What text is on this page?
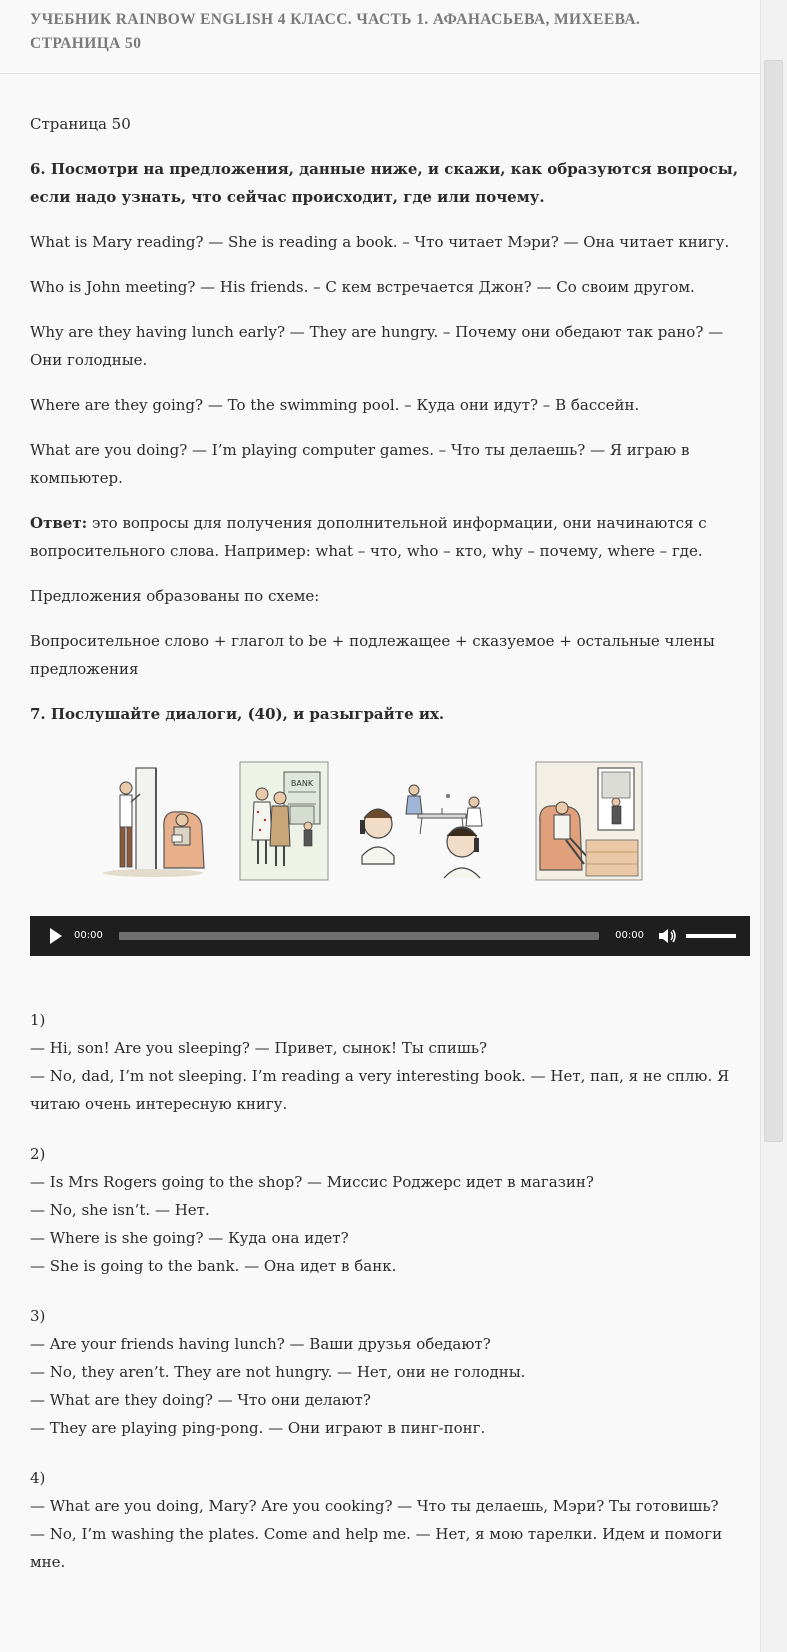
УЧЕБНИК RAINBOW ENGLISH 4 КЛАСС. ЧАСТЬ 1. АФАНАСЬЕВА, МИХЕЕВА. СТРАНИЦА 50

Страница 50

6. Посмотри на предложения, данные ниже, и скажи, как образуются вопросы, если надо узнать, что сейчас происходит, где или почему.

What is Mary reading? — She is reading a book. – Что читает Мэри? — Она читает книгу.

Who is John meeting? — His friends. – С кем встречается Джон? — Со своим другом.

Why are they having lunch early? — They are hungry. – Почему они обедают так рано? — Они голодные.

Where are they going? — To the swimming pool. – Куда они идут? – В бассейн.

What are you doing? — I’m playing computer games. – Что ты делаешь? — Я играю в компьютер.

Ответ: это вопросы для получения дополнительной информации, они начинаются с вопросительного слова. Например: what – что, who – кто, why – почему, where – где.

Предложения образованы по схеме:

Вопросительное слово + глагол to be + подлежащее + сказуемое + остальные члены предложения

7. Послушайте диалоги, (40), и разыграйте их.

BANK
00:00	00:00
1)
— Hi, son! Are you sleeping? — Привет, сынок! Ты спишь?
— No, dad, I’m not sleeping. I’m reading a very interesting book. — Нет, пап, я не сплю. Я читаю очень интересную книгу.
2)
— Is Mrs Rogers going to the shop? — Миссис Роджерс идет в магазин?
— No, she isn’t. — Нет.
— Where is she going? — Куда она идет?
— She is going to the bank. — Она идет в банк.
3)
— Are your friends having lunch? — Ваши друзья обедают?
— No, they aren’t. They are not hungry. — Нет, они не голодны.
— What are they doing? — Что они делают?
— They are playing ping-pong. — Они играют в пинг-понг.
4)
— What are you doing, Mary? Are you cooking? — Что ты делаешь, Мэри? Ты готовишь?
— No, I’m washing the plates. Come and help me. — Нет, я мою тарелки. Идем и помоги мне.
